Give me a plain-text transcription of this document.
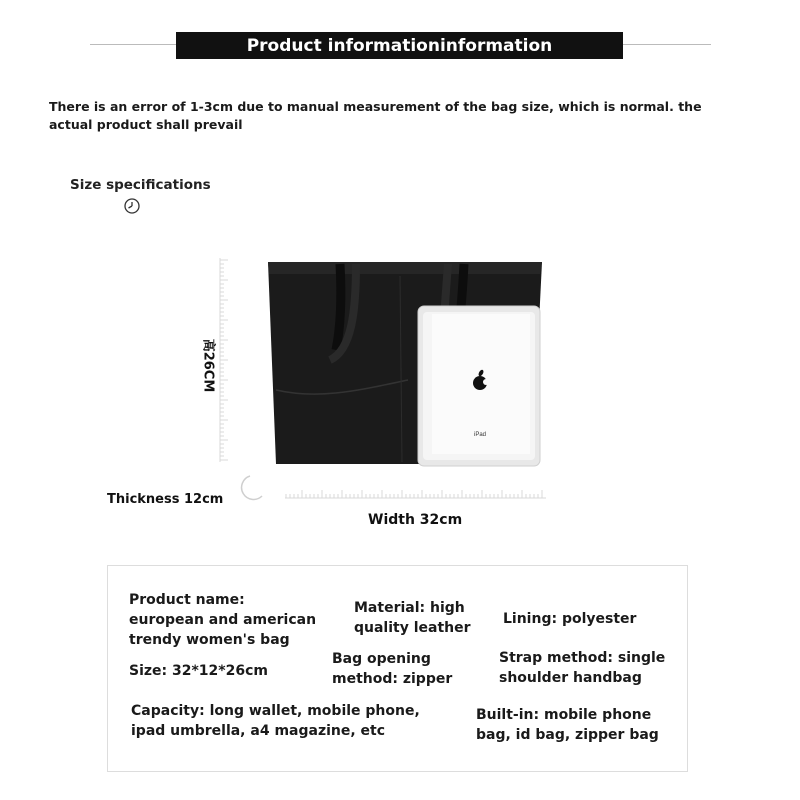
Product informationinformation
There is an error of 1-3cm due to manual measurement of the bag size, which is normal. the actual product shall prevail
Size specifications
iPad
高26CM
Thickness 12cm
Width 32cm
Product name:
european and american
trendy women's bag
Material: high
quality leather
Lining: polyester
Size: 32*12*26cm
Bag opening
method: zipper
Strap method: single
shoulder handbag
Capacity: long wallet, mobile phone,
ipad umbrella, a4 magazine, etc
Built-in: mobile phone
bag, id bag, zipper bag
